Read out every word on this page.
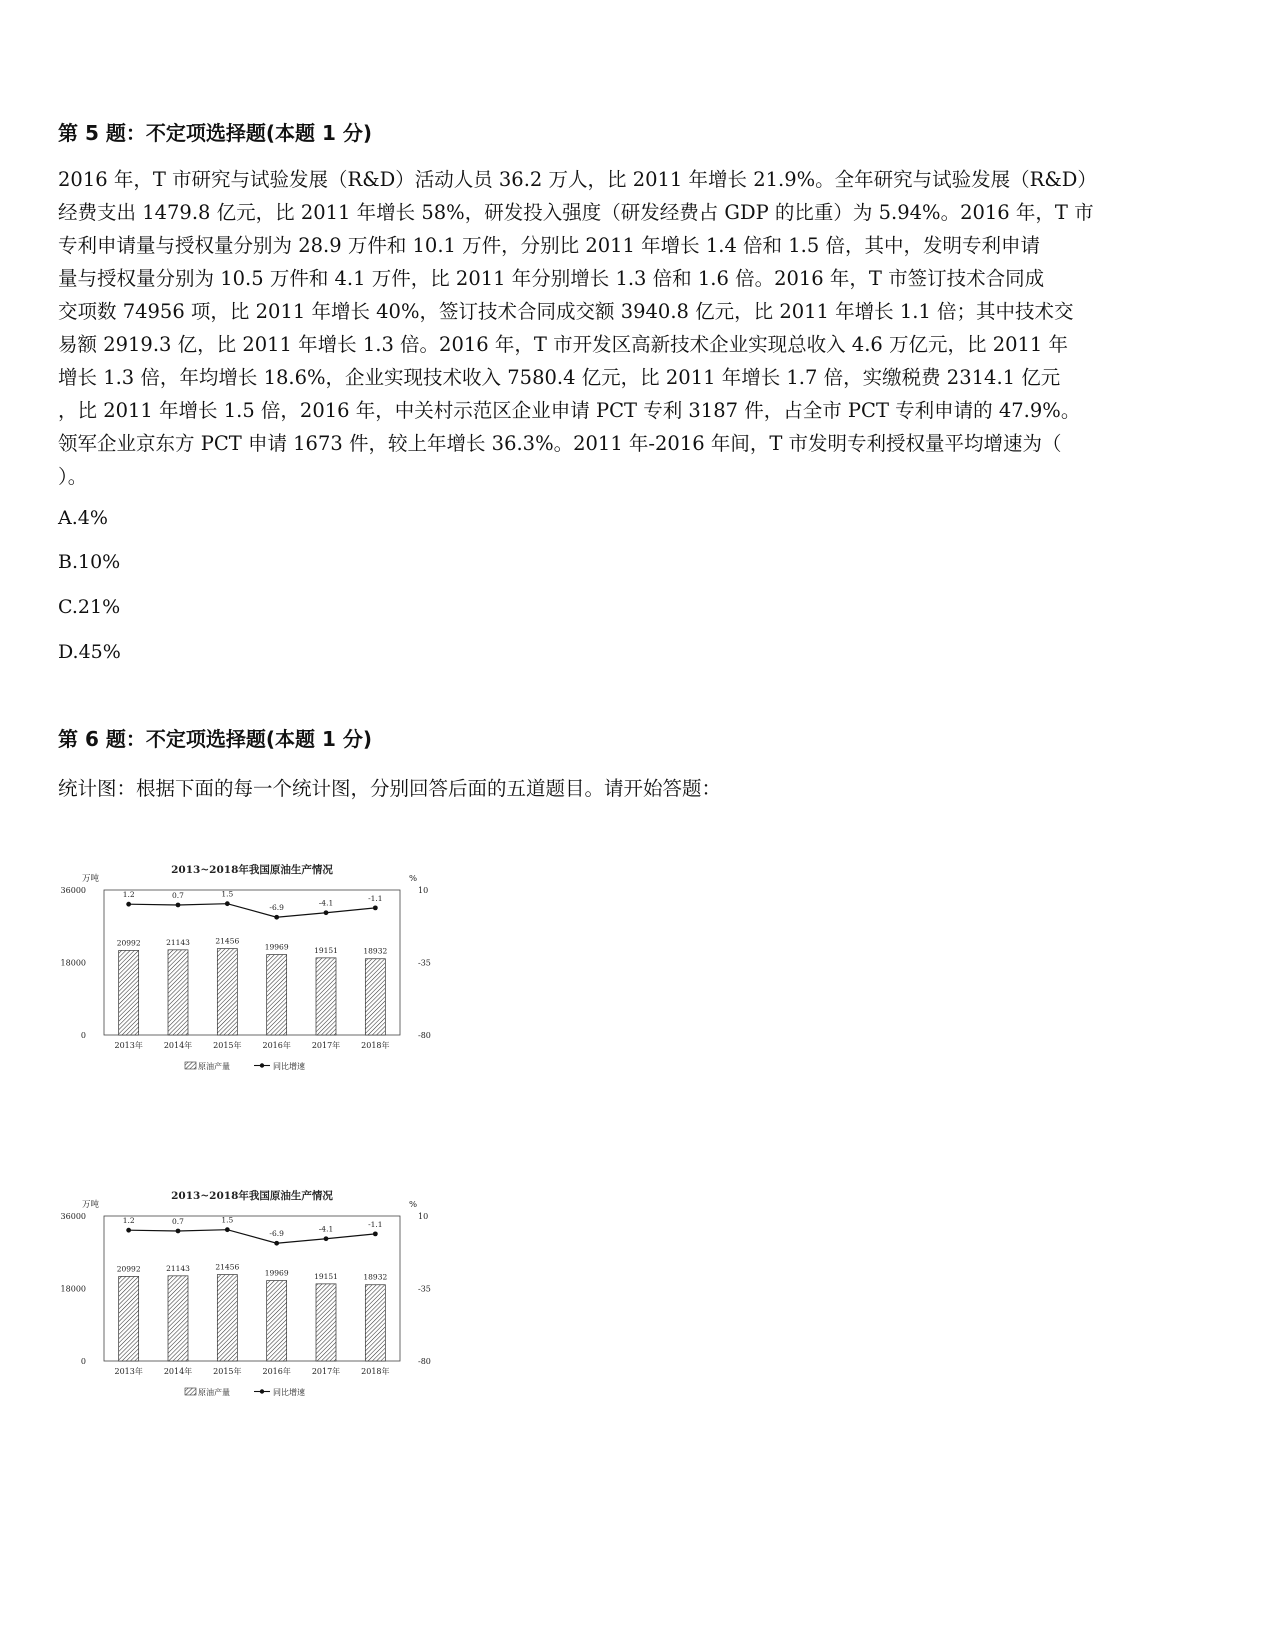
第 5 题：不定项选择题(本题 1 分)
2016 年，T 市研究与试验发展（R&D）活动人员 36.2 万人，比 2011 年增长 21.9%。全年研究与试验发展（R&D）
经费支出 1479.8 亿元，比 2011 年增长 58%，研发投入强度（研发经费占 GDP 的比重）为 5.94%。2016 年，T 市
专利申请量与授权量分别为 28.9 万件和 10.1 万件，分别比 2011 年增长 1.4 倍和 1.5 倍，其中，发明专利申请
量与授权量分别为 10.5 万件和 4.1 万件，比 2011 年分别增长 1.3 倍和 1.6 倍。2016 年，T 市签订技术合同成
交项数 74956 项，比 2011 年增长 40%，签订技术合同成交额 3940.8 亿元，比 2011 年增长 1.1 倍；其中技术交
易额 2919.3 亿，比 2011 年增长 1.3 倍。2016 年，T 市开发区高新技术企业实现总收入 4.6 万亿元，比 2011 年
增长 1.3 倍，年均增长 18.6%，企业实现技术收入 7580.4 亿元，比 2011 年增长 1.7 倍，实缴税费 2314.1 亿元
，比 2011 年增长 1.5 倍，2016 年，中关村示范区企业申请 PCT 专利 3187 件，占全市 PCT 专利申请的 47.9%。
领军企业京东方 PCT 申请 1673 件，较上年增长 36.3%。2011 年-2016 年间，T 市发明专利授权量平均增速为（
）。
A.4%
B.10%
C.21%
D.45%
第 6 题：不定项选择题(本题 1 分)
统计图：根据下面的每一个统计图，分别回答后面的五道题目。请开始答题：
2013~2018年我国原油生产情况
万吨	%
36000
18000
0
10
-35
-80
20992
2013年
21143
2014年
21456
2015年
19969
2016年
19151
2017年
18932
2018年
1.2	0.7	1.5
-6.9
-4.1
-1.1
原油产量	同比增速
2013~2018年我国原油生产情况
万吨	%
36000
18000
0
10
-35
-80
20992
2013年
21143
2014年
21456
2015年
19969
2016年
19151
2017年
18932
2018年
1.2	0.7	1.5
-6.9
-4.1
-1.1
原油产量	同比增速
